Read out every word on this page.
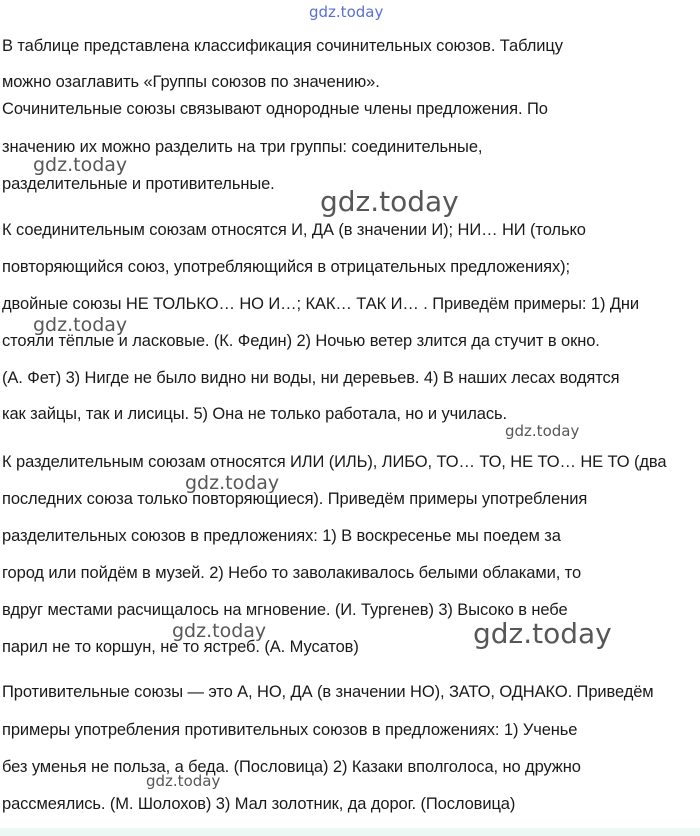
gdz.today
В таблице представлена классификация сочинительных союзов. Таблицу
можно озаглавить «Группы союзов по значению».
Сочинительные союзы связывают однородные члены предложения. По
значению их можно разделить на три группы: соединительные,
разделительные и противительные.
К соединительным союзам относятся И, ДА (в значении И); НИ… НИ (только
повторяющийся союз, употребляющийся в отрицательных предложениях);
двойные союзы НЕ ТОЛЬКО… НО И…; КАК… ТАК И… . Приведём примеры: 1) Дни
стояли тёплые и ласковые. (К. Федин) 2) Ночью ветер злится да стучит в окно.
(А. Фет) 3) Нигде не было видно ни воды, ни деревьев. 4) В наших лесах водятся
как зайцы, так и лисицы. 5) Она не только работала, но и училась.
К разделительным союзам относятся ИЛИ (ИЛЬ), ЛИБО, ТО… ТО, НЕ ТО… НЕ ТО (два
последних союза только повторяющиеся). Приведём примеры употребления
разделительных союзов в предложениях: 1) В воскресенье мы поедем за
город или пойдём в музей. 2) Небо то заволакивалось белыми облаками, то
вдруг местами расчищалось на мгновение. (И. Тургенев) 3) Высоко в небе
парил не то коршун, не то ястреб. (А. Мусатов)
Противительные союзы — это А, НО, ДА (в значении НО), ЗАТО, ОДНАКО. Приведём
примеры употребления противительных союзов в предложениях: 1) Ученье
без уменья не польза, а беда. (Пословица) 2) Казаки вполголоса, но дружно
рассмеялись. (М. Шолохов) 3) Мал золотник, да дорог. (Пословица)
gdz.today
gdz.today
gdz.today
gdz.today
gdz.today
gdz.today	gdz.today
gdz.today
